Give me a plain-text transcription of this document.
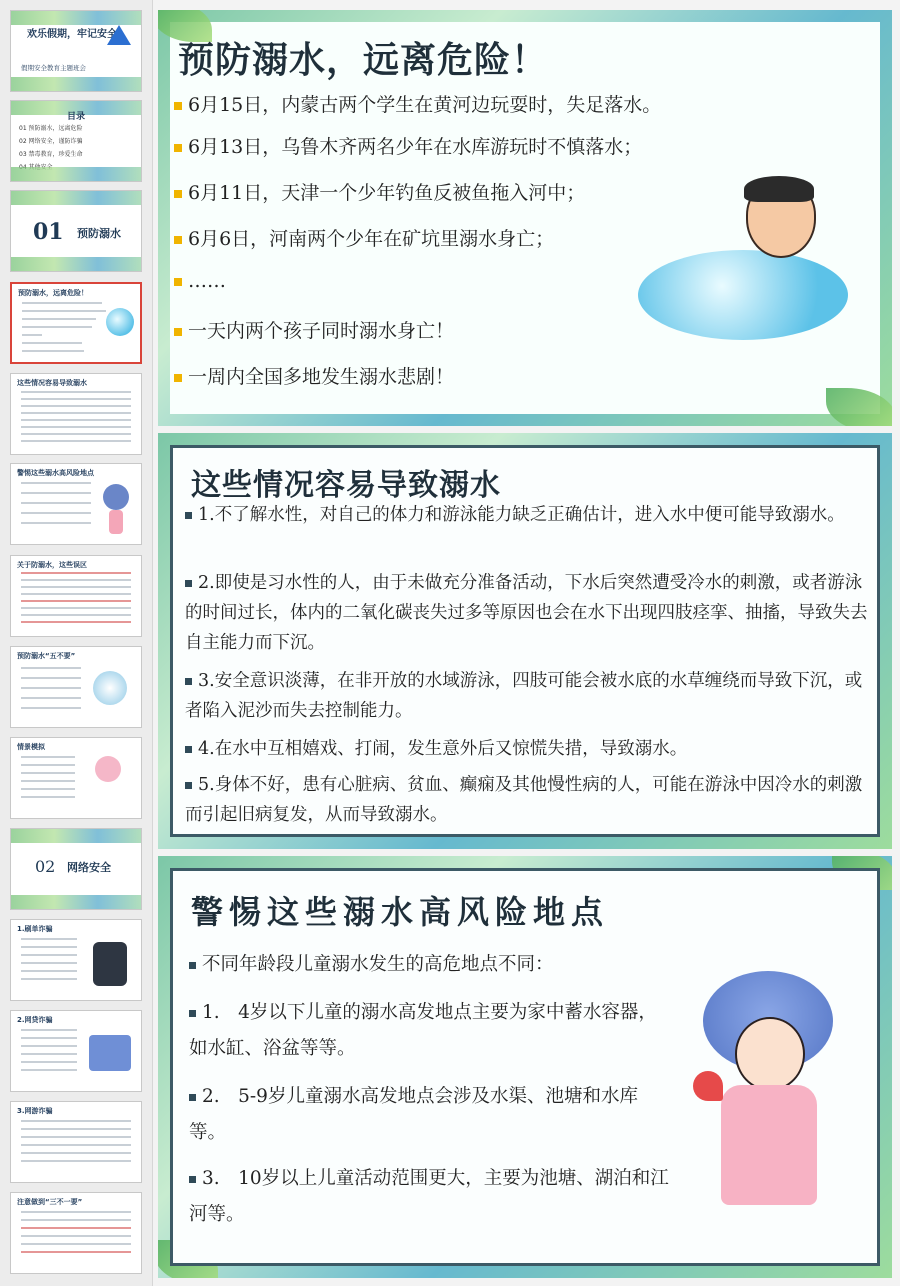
欢乐假期，牢记安全
假期安全教育主题班会
目录
01 预防溺水，远离危险
02 网络安全，谨防诈骗
03 禁毒教育，珍爱生命
01 预防溺水
预防溺水，远离危险！
这些情况容易导致溺水
警惕这些溺水高风险地点
关于防溺水，这些误区
预防溺水“五不要”
情景模拟
02 网络安全
1.刷单诈骗
2.网贷诈骗
3.网游诈骗
注意做到“三不一要”
预防溺水，远离危险！
6月15日，内蒙古两个学生在黄河边玩耍时，失足落水。
6月13日，乌鲁木齐两名少年在水库游玩时不慎落水；
6月11日，天津一个少年钓鱼反被鱼拖入河中；
6月6日，河南两个少年在矿坑里溺水身亡；
……
一天内两个孩子同时溺水身亡！
一周内全国多地发生溺水悲剧！
这些情况容易导致溺水
1.不了解水性，对自己的体力和游泳能力缺乏正确估计，进入水中便可能导致溺水。
2.即使是习水性的人，由于未做充分准备活动，下水后突然遭受冷水的刺激，或者游泳的时间过长，体内的二氧化碳丧失过多等原因也会在水下出现四肢痉挛、抽搐，导致失去自主能力而下沉。
3.安全意识淡薄，在非开放的水域游泳，四肢可能会被水底的水草缠绕而导致下沉，或者陷入泥沙而失去控制能力。
4.在水中互相嬉戏、打闹，发生意外后又惊慌失措，导致溺水。
5.身体不好，患有心脏病、贫血、癫痫及其他慢性病的人，可能在游泳中因冷水的刺激而引起旧病复发，从而导致溺水。
警惕这些溺水高风险地点
不同年龄段儿童溺水发生的高危地点不同：
1.　4岁以下儿童的溺水高发地点主要为家中蓄水容器，如水缸、浴盆等等。
2.　5-9岁儿童溺水高发地点会涉及水渠、池塘和水库等。
3.　10岁以上儿童活动范围更大，主要为池塘、湖泊和江河等。
